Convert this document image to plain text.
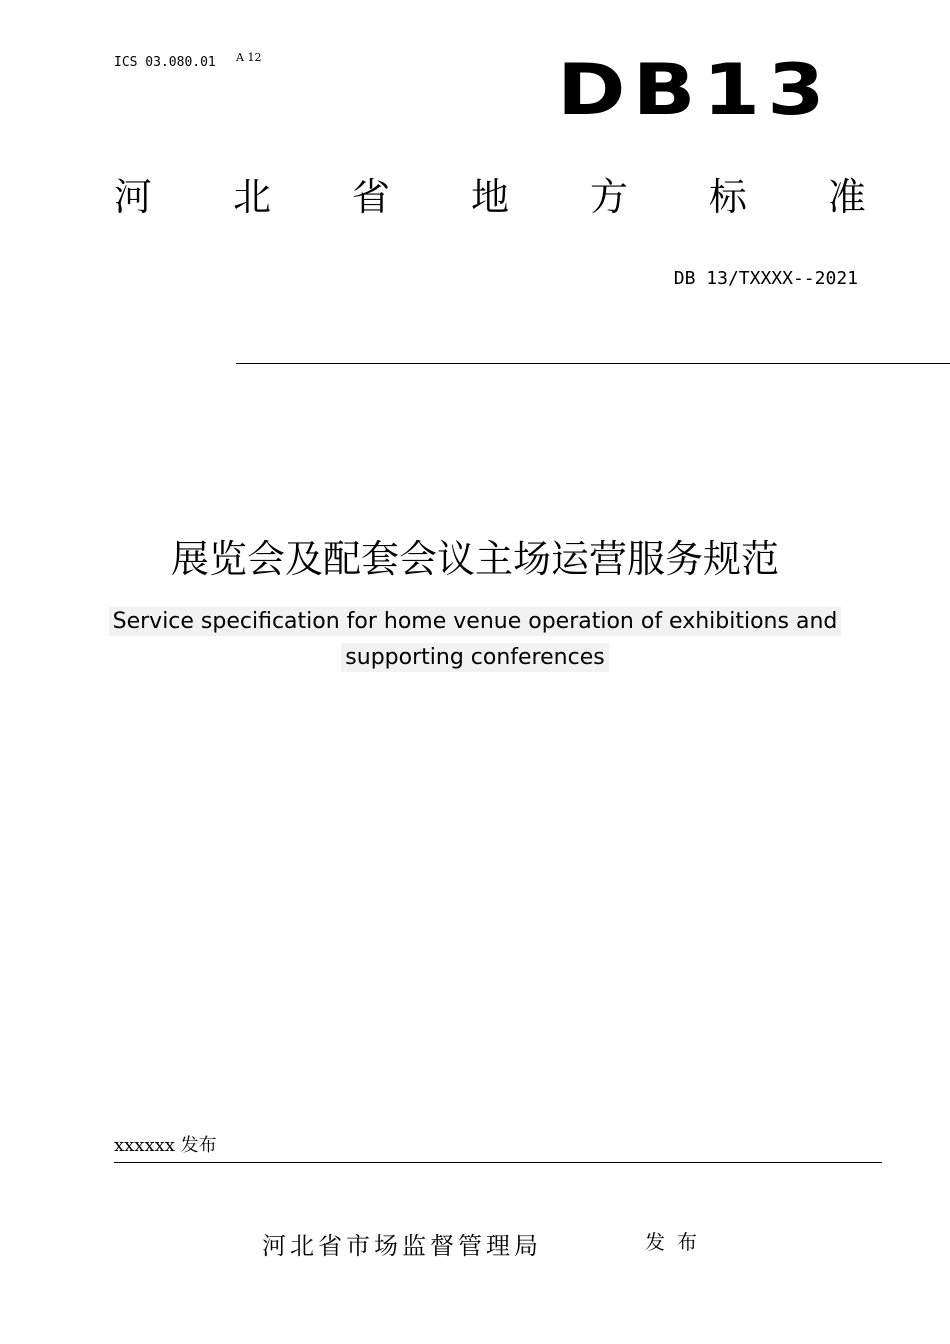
ICS 03.080.01 A 12	DB13
河 北 省 地 方 标 准
DB 13/TXXXX--2021
展览会及配套会议主场运营服务规范
Service specification for home venue operation of exhibitions and
supporting conferences
xxxxxx 发布
河北省市场监督管理局	发布
